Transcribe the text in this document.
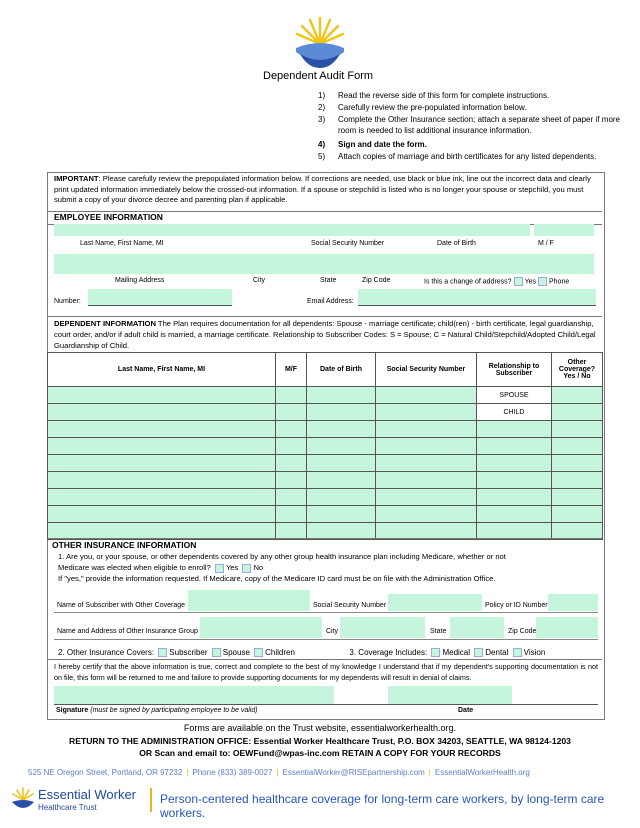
Dependent Audit Form
1)	Read the reverse side of this form for complete instructions.
2)	Carefully review the pre-populated information below.
3)	Complete the Other Insurance section; attach a separate sheet of paper if more room is needed to list additional insurance information.
4)	Sign and date the form.
5)	Attach copies of marriage and birth certificates for any listed dependents.
IMPORTANT: Please carefully review the prepopulated information below. If corrections are needed, use black or blue ink, line out the incorrect data and clearly print updated information immediately below the crossed-out information. If a spouse or stepchild is listed who is no longer your spouse or stepchild, you must submit a copy of your divorce decree and parenting plan if applicable.
EMPLOYEE INFORMATION
Last Name, First Name, MI	Social Security Number	Date of Birth	M / F
Mailing Address	City	State	Zip Code	Is this a change of address? Yes Phone
Number:	Email Address:
DEPENDENT INFORMATION The Plan requires documentation for all dependents: Spouse - marriage certificate; child(ren) - birth certificate, legal guardianship, court order, and/or if adult child is married, a marriage certificate. Relationship to Subscriber Codes: S = Spouse; C = Natural Child/Stepchild/Adopted Child/Legal Guardianship of Child.
Last Name, First Name, MI	M/F	Date of Birth	Social Security Number	Relationship to Subscriber	Other Coverage? Yes / No
				SPOUSE	
				CHILD	

OTHER INSURANCE INFORMATION
1. Are you, or your spouse, or other dependents covered by any other group health insurance plan including Medicare, whether or not
Medicare was elected when eligible to enroll? Yes No
If "yes," provide the information requested. If Medicare, copy of the Medicare ID card must be on file with the Administration Office.
Name of Subscriber with Other Coverage	Social Security Number	Policy or ID Number
Name and Address of Other Insurance Group	City	State	Zip Code
2. Other Insurance Covers: Subscriber Spouse Children	3. Coverage Includes: Medical Dental Vision
I hereby certify that the above information is true, correct and complete to the best of my knowledge I understand that if my dependent's supporting documentation is not on file, this form will be returned to me and failure to provide supporting documents for my dependents will result in denial of claims.
Signature (must be signed by participating employee to be valid)	Date
Forms are available on the Trust website, essentialworkerhealth.org.
RETURN TO THE ADMINISTRATION OFFICE: Essential Worker Healthcare Trust, P.O. BOX 34203, SEATTLE, WA 98124-1203
OR Scan and email to: OEWFund@wpas-inc.com RETAIN A COPY FOR YOUR RECORDS
525 NE Oregon Street, Portland, OR 97232 | Phone (833) 389-0027 | EssentialWorker@RISEpartnership.com | EssentialWorkerHealth.org
Essential Worker
Healthcare Trust
Person-centered healthcare coverage for long-term care workers, by long-term care workers.
